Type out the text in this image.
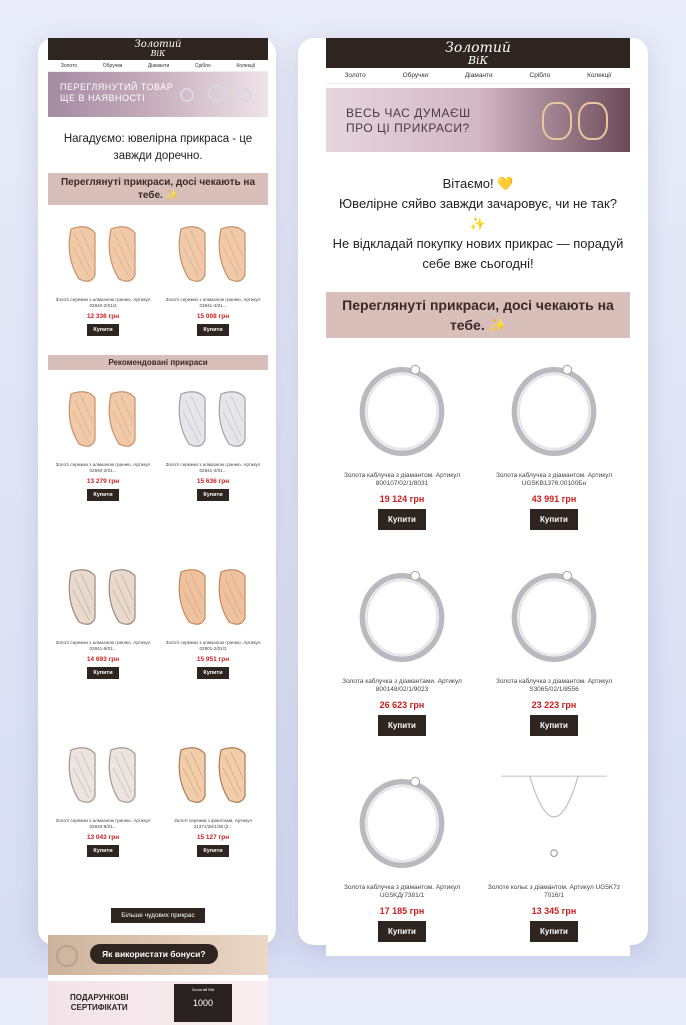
Золотий
ВіК
Золото	Обручки	Діаманти	Срібло	Колекції
ПЕРЕГЛЯНУТИЙ ТОВАР
ЩЕ В НАЯВНОСТІ
Нагадуємо: ювелірна прикраса - це завжди доречно.
Переглянуті прикраси, досі чекають на тебе. ✨
Золоті сережки з алмазною гранню. Артикул 02840-2/01/2
12 336 грн
Купити
Золоті сережки з алмазною гранню. Артикул 02841-4/01...
15 008 грн
Купити
Рекомендовані прикраси
Золоті сережки з алмазною гранню. Артикул 02840-2/01...
13 279 грн
Купити
Золоті сережки з алмазною гранню. Артикул 02841-4/01...
15 636 грн
Купити
Золоті сережки з алмазною гранню. Артикул 02841-9/01...
14 693 грн
Купити
Золоті сережки з алмазною гранню. Артикул 02901-2/01/2
15 951 грн
Купити
Золоті сережки з алмазною гранню. Артикул 02840-9/01...
13 043 грн
Купити
Золоті сережки з фіанітами. Артикул 21371/28/1/36 (2...
15 127 грн
Купити
Більше чудових прикрас
Як використати бонуси?
ПОДАРУНКОВІ
СЕРТИФІКАТИ
Золотий ВіК
1000
Золотий
ВіК
Золото	Обручки	Діаманти	Срібло	Колекції
ВЕСЬ ЧАС ДУМАЄШ
ПРО ЦІ ПРИКРАСИ?
Вітаємо! 💛
Ювелірне сяйво завжди зачаровує, чи не так? ✨
Не відкладай покупку нових прикрас — порадуй себе вже сьогодні!
Переглянуті прикраси, досі чекають на тебе. ✨
Золота каблучка з діамантом. Артикул 800107/02/1/8031
19 124 грн
Купити
Золота каблучка з діамантом. Артикул UG5KB1376.00100Бн
43 991 грн
Купити
Золота каблучка з діамантами. Артикул 800148/02/1/9023
26 623 грн
Купити
Золота каблучка з діамантом. Артикул S3065/02/1/8556
23 223 грн
Купити
Золота каблучка з діамантом. Артикул UG5KДг7381/1
17 185 грн
Купити
Золоте кольє з діамантом. Артикул UG5K7z 7016/1
13 345 грн
Купити
